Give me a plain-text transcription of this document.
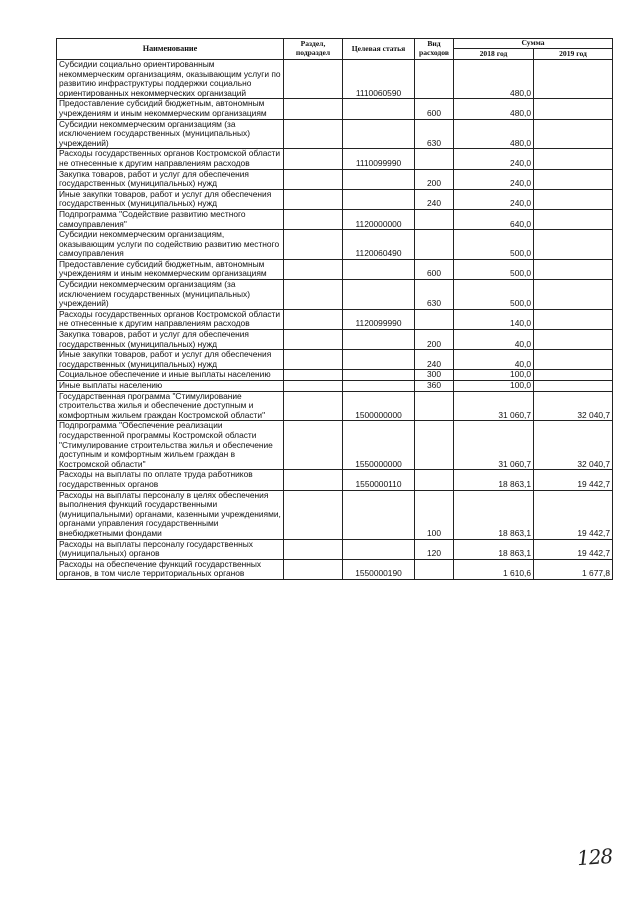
Наименование	Раздел, подраздел	Целевая статья	Вид расходов	Сумма	
				2018 год	2019 год
Субсидии социально ориентированным некоммерческим организациям, оказывающим услуги по развитию инфраструктуры поддержки социально ориентированных некоммерческих организаций		1110060590		480,0	
Предоставление субсидий бюджетным, автономным учреждениям и иным некоммерческим организациям			600	480,0	
Субсидии некоммерческим организациям (за исключением государственных (муниципальных) учреждений)			630	480,0	
Расходы государственных органов Костромской области не отнесенные к другим направлениям расходов		1110099990		240,0	
Закупка товаров, работ и услуг для обеспечения государственных (муниципальных) нужд			200	240,0	
Иные закупки товаров, работ и услуг для обеспечения государственных (муниципальных) нужд			240	240,0	
Подпрограмма "Содействие развитию местного самоуправления"		1120000000		640,0	
Субсидии некоммерческим организациям, оказывающим услуги по содействию развитию местного самоуправления		1120060490		500,0	
Предоставление субсидий бюджетным, автономным учреждениям и иным некоммерческим организациям			600	500,0	
Субсидии некоммерческим организациям (за исключением государственных (муниципальных) учреждений)			630	500,0	
Расходы государственных органов Костромской области не отнесенные к другим направлениям расходов		1120099990		140,0	
Закупка товаров, работ и услуг для обеспечения государственных (муниципальных) нужд			200	40,0	
Иные закупки товаров, работ и услуг для обеспечения государственных (муниципальных) нужд			240	40,0	
Социальное обеспечение и иные выплаты населению			300	100,0	
Иные выплаты населению			360	100,0	
Государственная программа "Стимулирование строительства жилья и обеспечение доступным и комфортным жильем граждан Костромской области"		1500000000		31 060,7	32 040,7
Подпрограмма "Обеспечение реализации государственной программы Костромской области "Стимулирование строительства жилья и обеспечение доступным и комфортным жильем граждан в Костромской области"		1550000000		31 060,7	32 040,7
Расходы на выплаты по оплате труда работников государственных органов		1550000110		18 863,1	19 442,7
Расходы на выплаты персоналу в целях обеспечения выполнения функций государственными (муниципальными) органами, казенными учреждениями, органами управления государственными внебюджетными фондами			100	18 863,1	19 442,7
Расходы на выплаты персоналу государственных (муниципальных) органов			120	18 863,1	19 442,7
Расходы на обеспечение функций государственных органов, в том числе территориальных органов		1550000190		1 610,6	1 677,8
128
